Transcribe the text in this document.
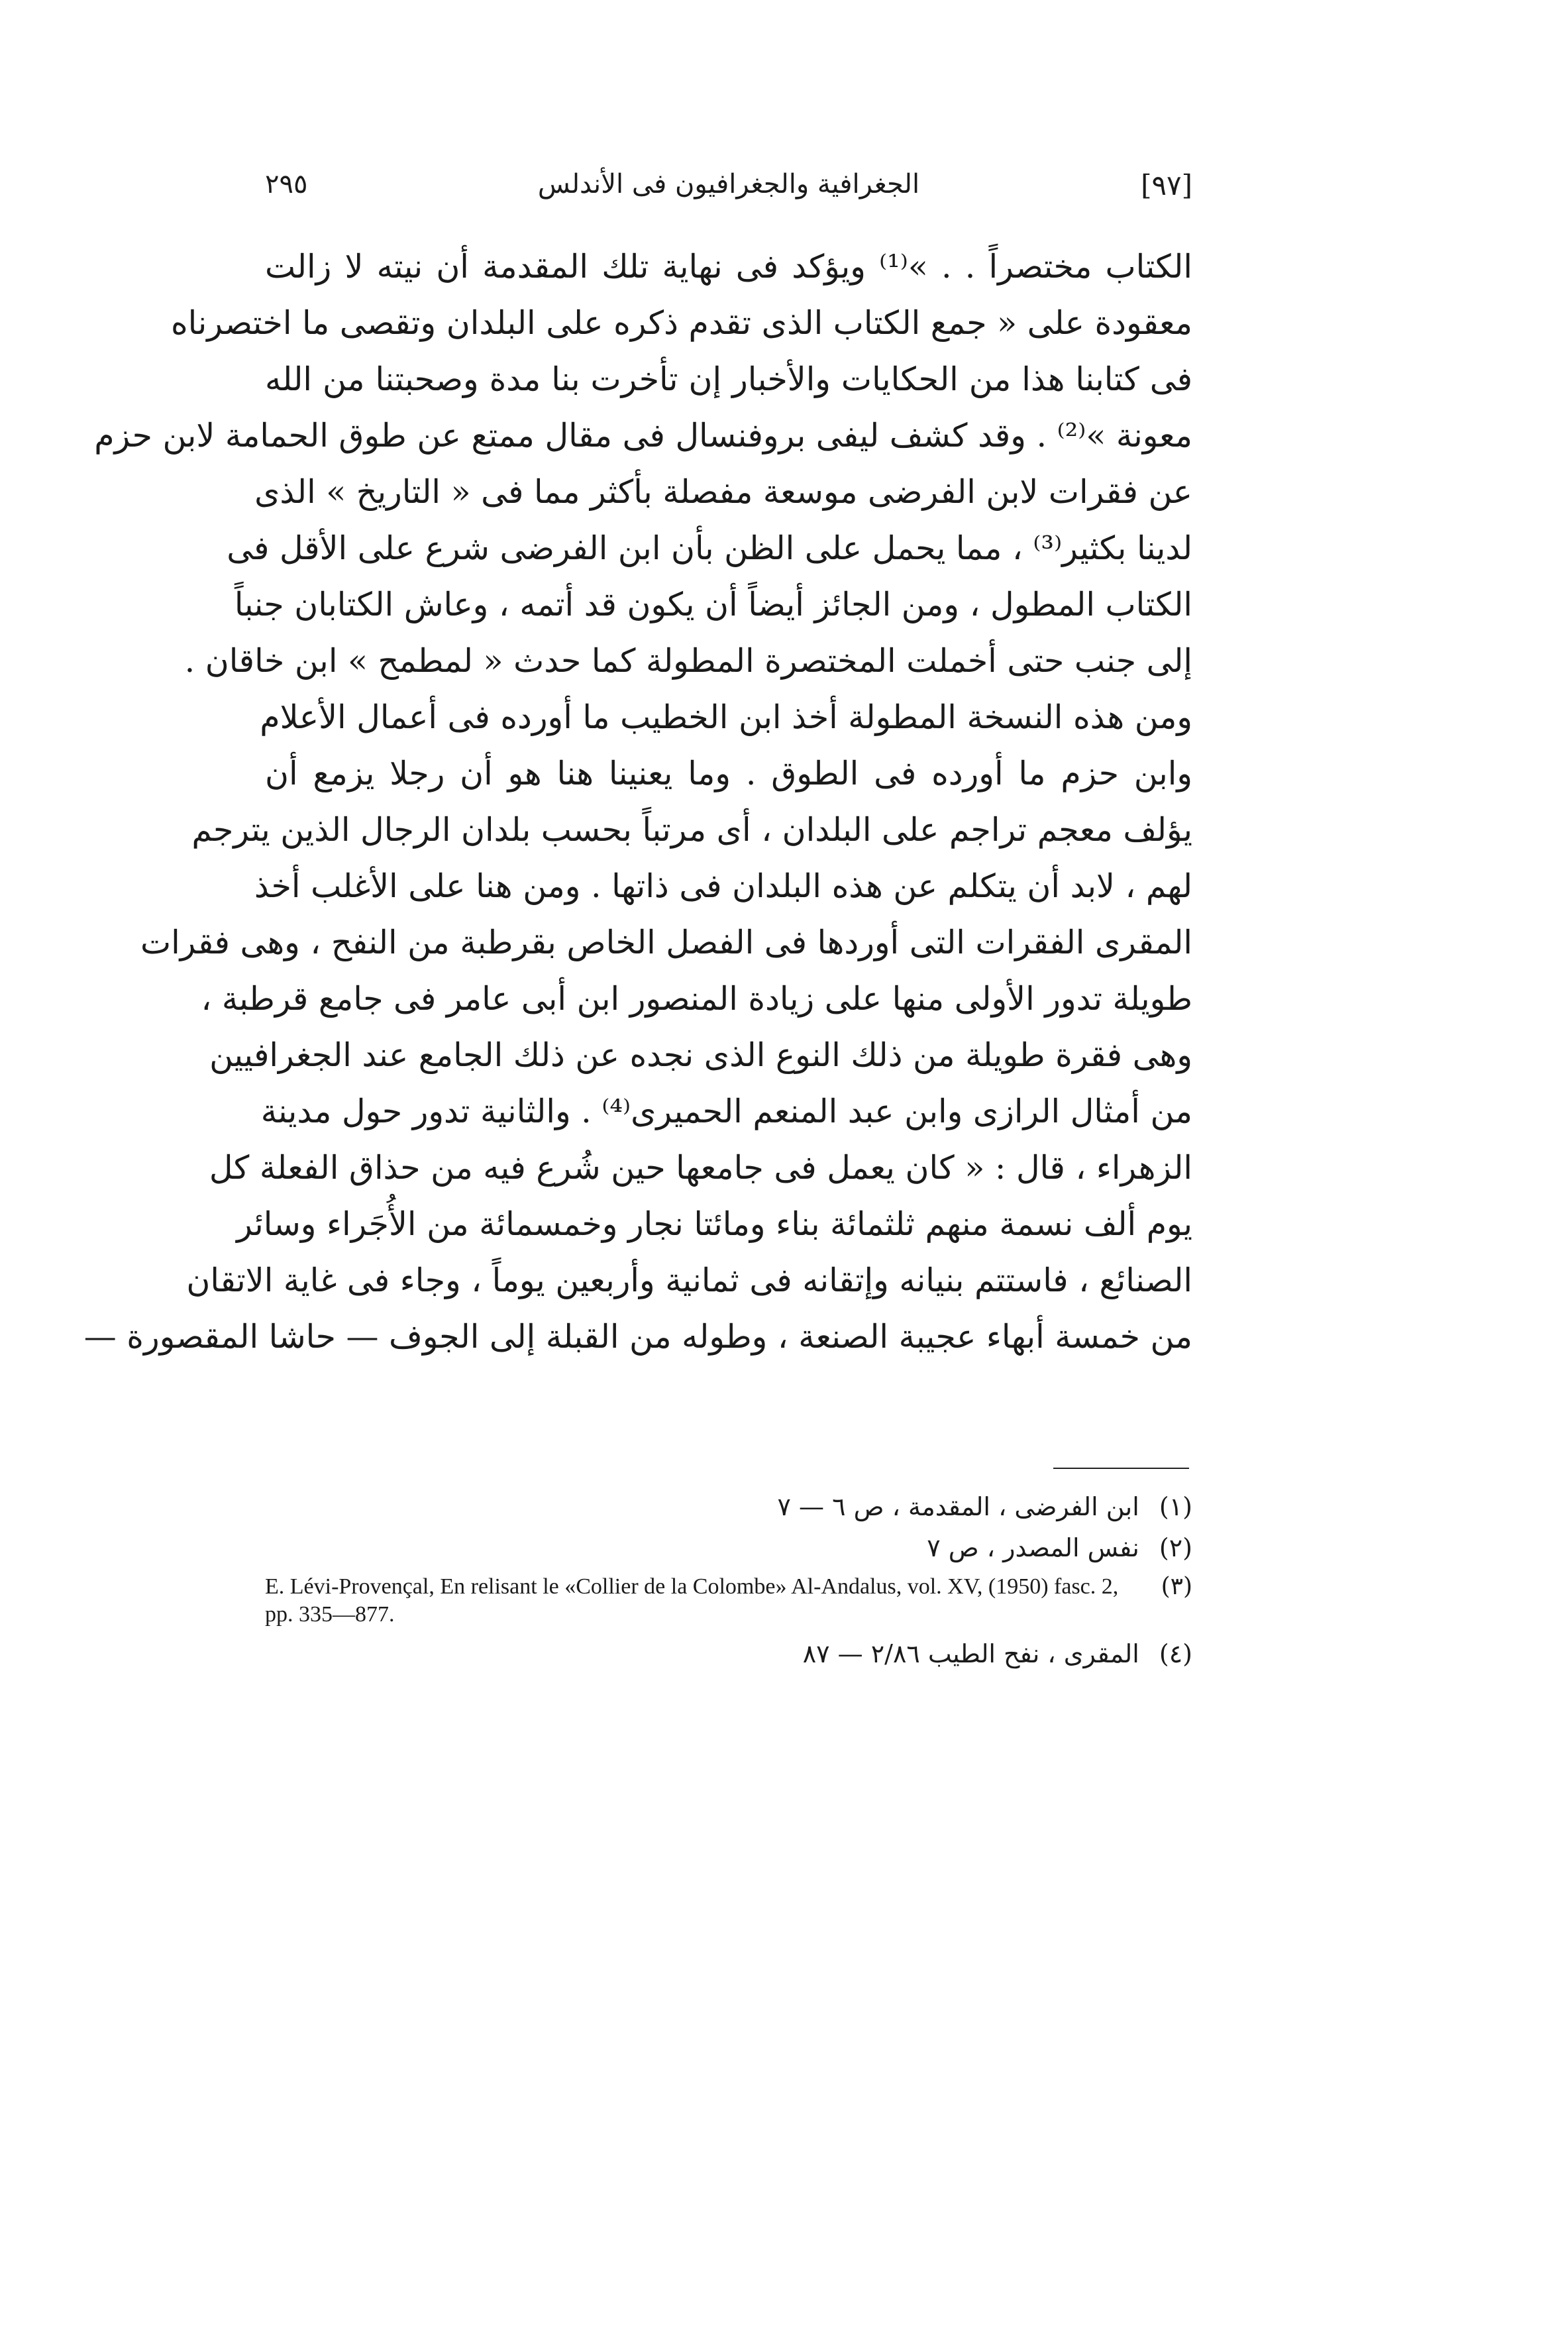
٢٩٥	الجغرافية والجغرافيون فى الأندلس	[٩٧]
الكتاب مختصراً . . »⁽¹⁾ ويؤكد فى نهاية تلك المقدمة أن نيته لا زالت
معقودة على « جمع الكتاب الذى تقدم ذكره على البلدان وتقصى ما اختصرناه
فى كتابنا هذا من الحكايات والأخبار إن تأخرت بنا مدة وصحبتنا من الله
معونة »⁽²⁾ . وقد كشف ليفى بروفنسال فى مقال ممتع عن طوق الحمامة لابن حزم
عن فقرات لابن الفرضى موسعة مفصلة بأكثر مما فى « التاريخ » الذى
لدينا بكثير⁽³⁾ ، مما يحمل على الظن بأن ابن الفرضى شرع على الأقل فى
الكتاب المطول ، ومن الجائز أيضاً أن يكون قد أتمه ، وعاش الكتابان جنباً
إلى جنب حتى أخملت المختصرة المطولة كما حدث « لمطمح » ابن خاقان .
ومن هذه النسخة المطولة أخذ ابن الخطيب ما أورده فى أعمال الأعلام
وابن حزم ما أورده فى الطوق . وما يعنينا هنا هو أن رجلا يزمع أن
يؤلف معجم تراجم على البلدان ، أى مرتباً بحسب بلدان الرجال الذين يترجم
لهم ، لابد أن يتكلم عن هذه البلدان فى ذاتها . ومن هنا على الأغلب أخذ
المقرى الفقرات التى أوردها فى الفصل الخاص بقرطبة من النفح ، وهى فقرات
طويلة تدور الأولى منها على زيادة المنصور ابن أبى عامر فى جامع قرطبة ،
وهى فقرة طويلة من ذلك النوع الذى نجده عن ذلك الجامع عند الجغرافيين
من أمثال الرازى وابن عبد المنعم الحميرى⁽⁴⁾ . والثانية تدور حول مدينة
الزهراء ، قال : « كان يعمل فى جامعها حين شُرع فيه من حذاق الفعلة كل
يوم ألف نسمة منهم ثلثمائة بناء ومائتا نجار وخمسمائة من الأُجَراء وسائر
الصنائع ، فاستتم بنيانه وإتقانه فى ثمانية وأربعين يوماً ، وجاء فى غاية الاتقان
من خمسة أبهاء عجيبة الصنعة ، وطوله من القبلة إلى الجوف — حاشا المقصورة —
(١) ابن الفرضى ، المقدمة ، ص ٦ — ٧
(٢) نفس المصدر ، ص ٧
(٣)
E. Lévi-Provençal, En relisant le «Collier de la Colombe» Al-Andalus, vol. XV, (1950) fasc. 2, pp. 335—877.
(٤) المقرى ، نفح الطيب ٢/٨٦ — ٨٧
